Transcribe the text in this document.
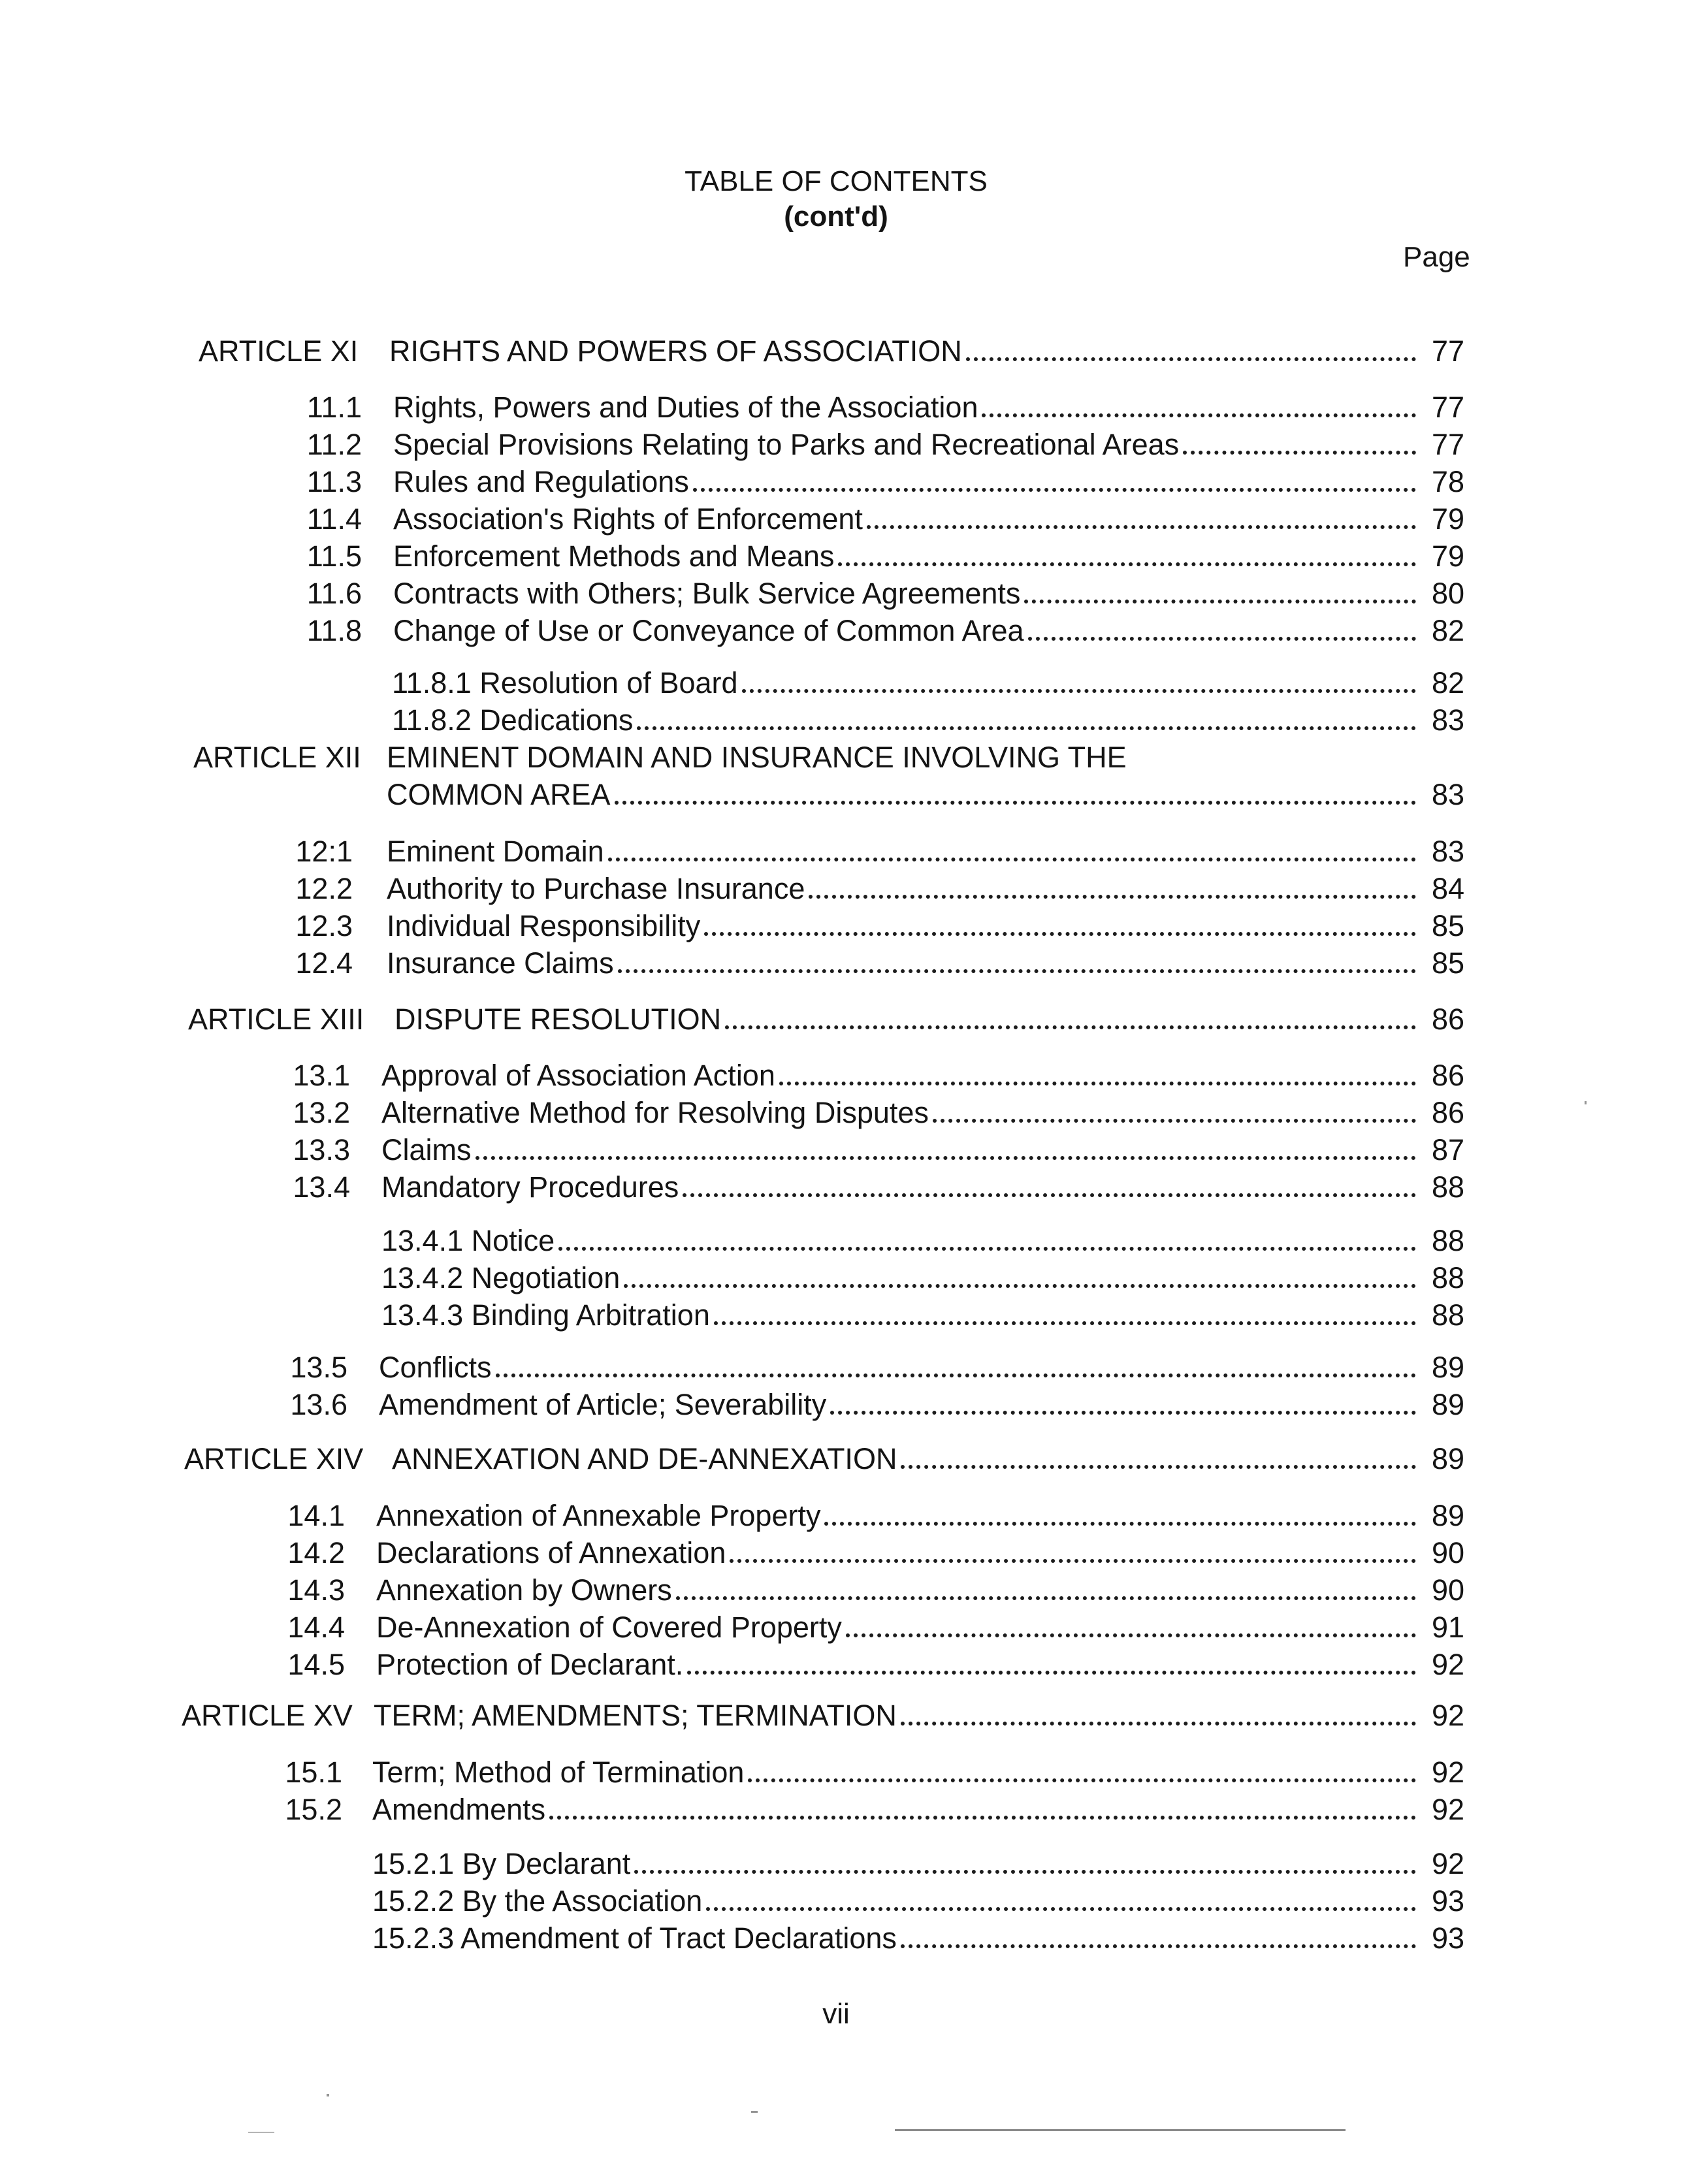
TABLE OF CONTENTS
(cont'd)
Page
ARTICLE XI	RIGHTS AND POWERS OF ASSOCIATION	77
11.1 Rights, Powers and Duties of the Association	77
11.2 Special Provisions Relating to Parks and Recreational Areas	77
11.3 Rules and Regulations	78
11.4 Association's Rights of Enforcement	79
11.5 Enforcement Methods and Means	79
11.6 Contracts with Others; Bulk Service Agreements	80
11.8 Change of Use or Conveyance of Common Area	82
11.8.1 Resolution of Board	82
11.8.2 Dedications	83
ARTICLE XII EMINENT DOMAIN AND INSURANCE INVOLVING THE
COMMON AREA	83
12:1 Eminent Domain	83
12.2 Authority to Purchase Insurance	84
12.3 Individual Responsibility	85
12.4 Insurance Claims	85
ARTICLE XIII	DISPUTE RESOLUTION	86
13.1 Approval of Association Action	86
13.2 Alternative Method for Resolving Disputes	86
13.3 Claims	87
13.4 Mandatory Procedures	88
13.4.1 Notice	88
13.4.2 Negotiation	88
13.4.3 Binding Arbitration	88
13.5 Conflicts	89
13.6 Amendment of Article; Severability	89
ARTICLE XIV ANNEXATION AND DE-ANNEXATION	89
14.1 Annexation of Annexable Property	89
14.2 Declarations of Annexation	90
14.3 Annexation by Owners	90
14.4 De-Annexation of Covered Property	91
14.5 Protection of Declarant.	92
ARTICLE XV TERM; AMENDMENTS; TERMINATION	92
15.1 Term; Method of Termination	92
15.2 Amendments	92
15.2.1 By Declarant	92
15.2.2 By the Association	93
15.2.3 Amendment of Tract Declarations	93
vii
